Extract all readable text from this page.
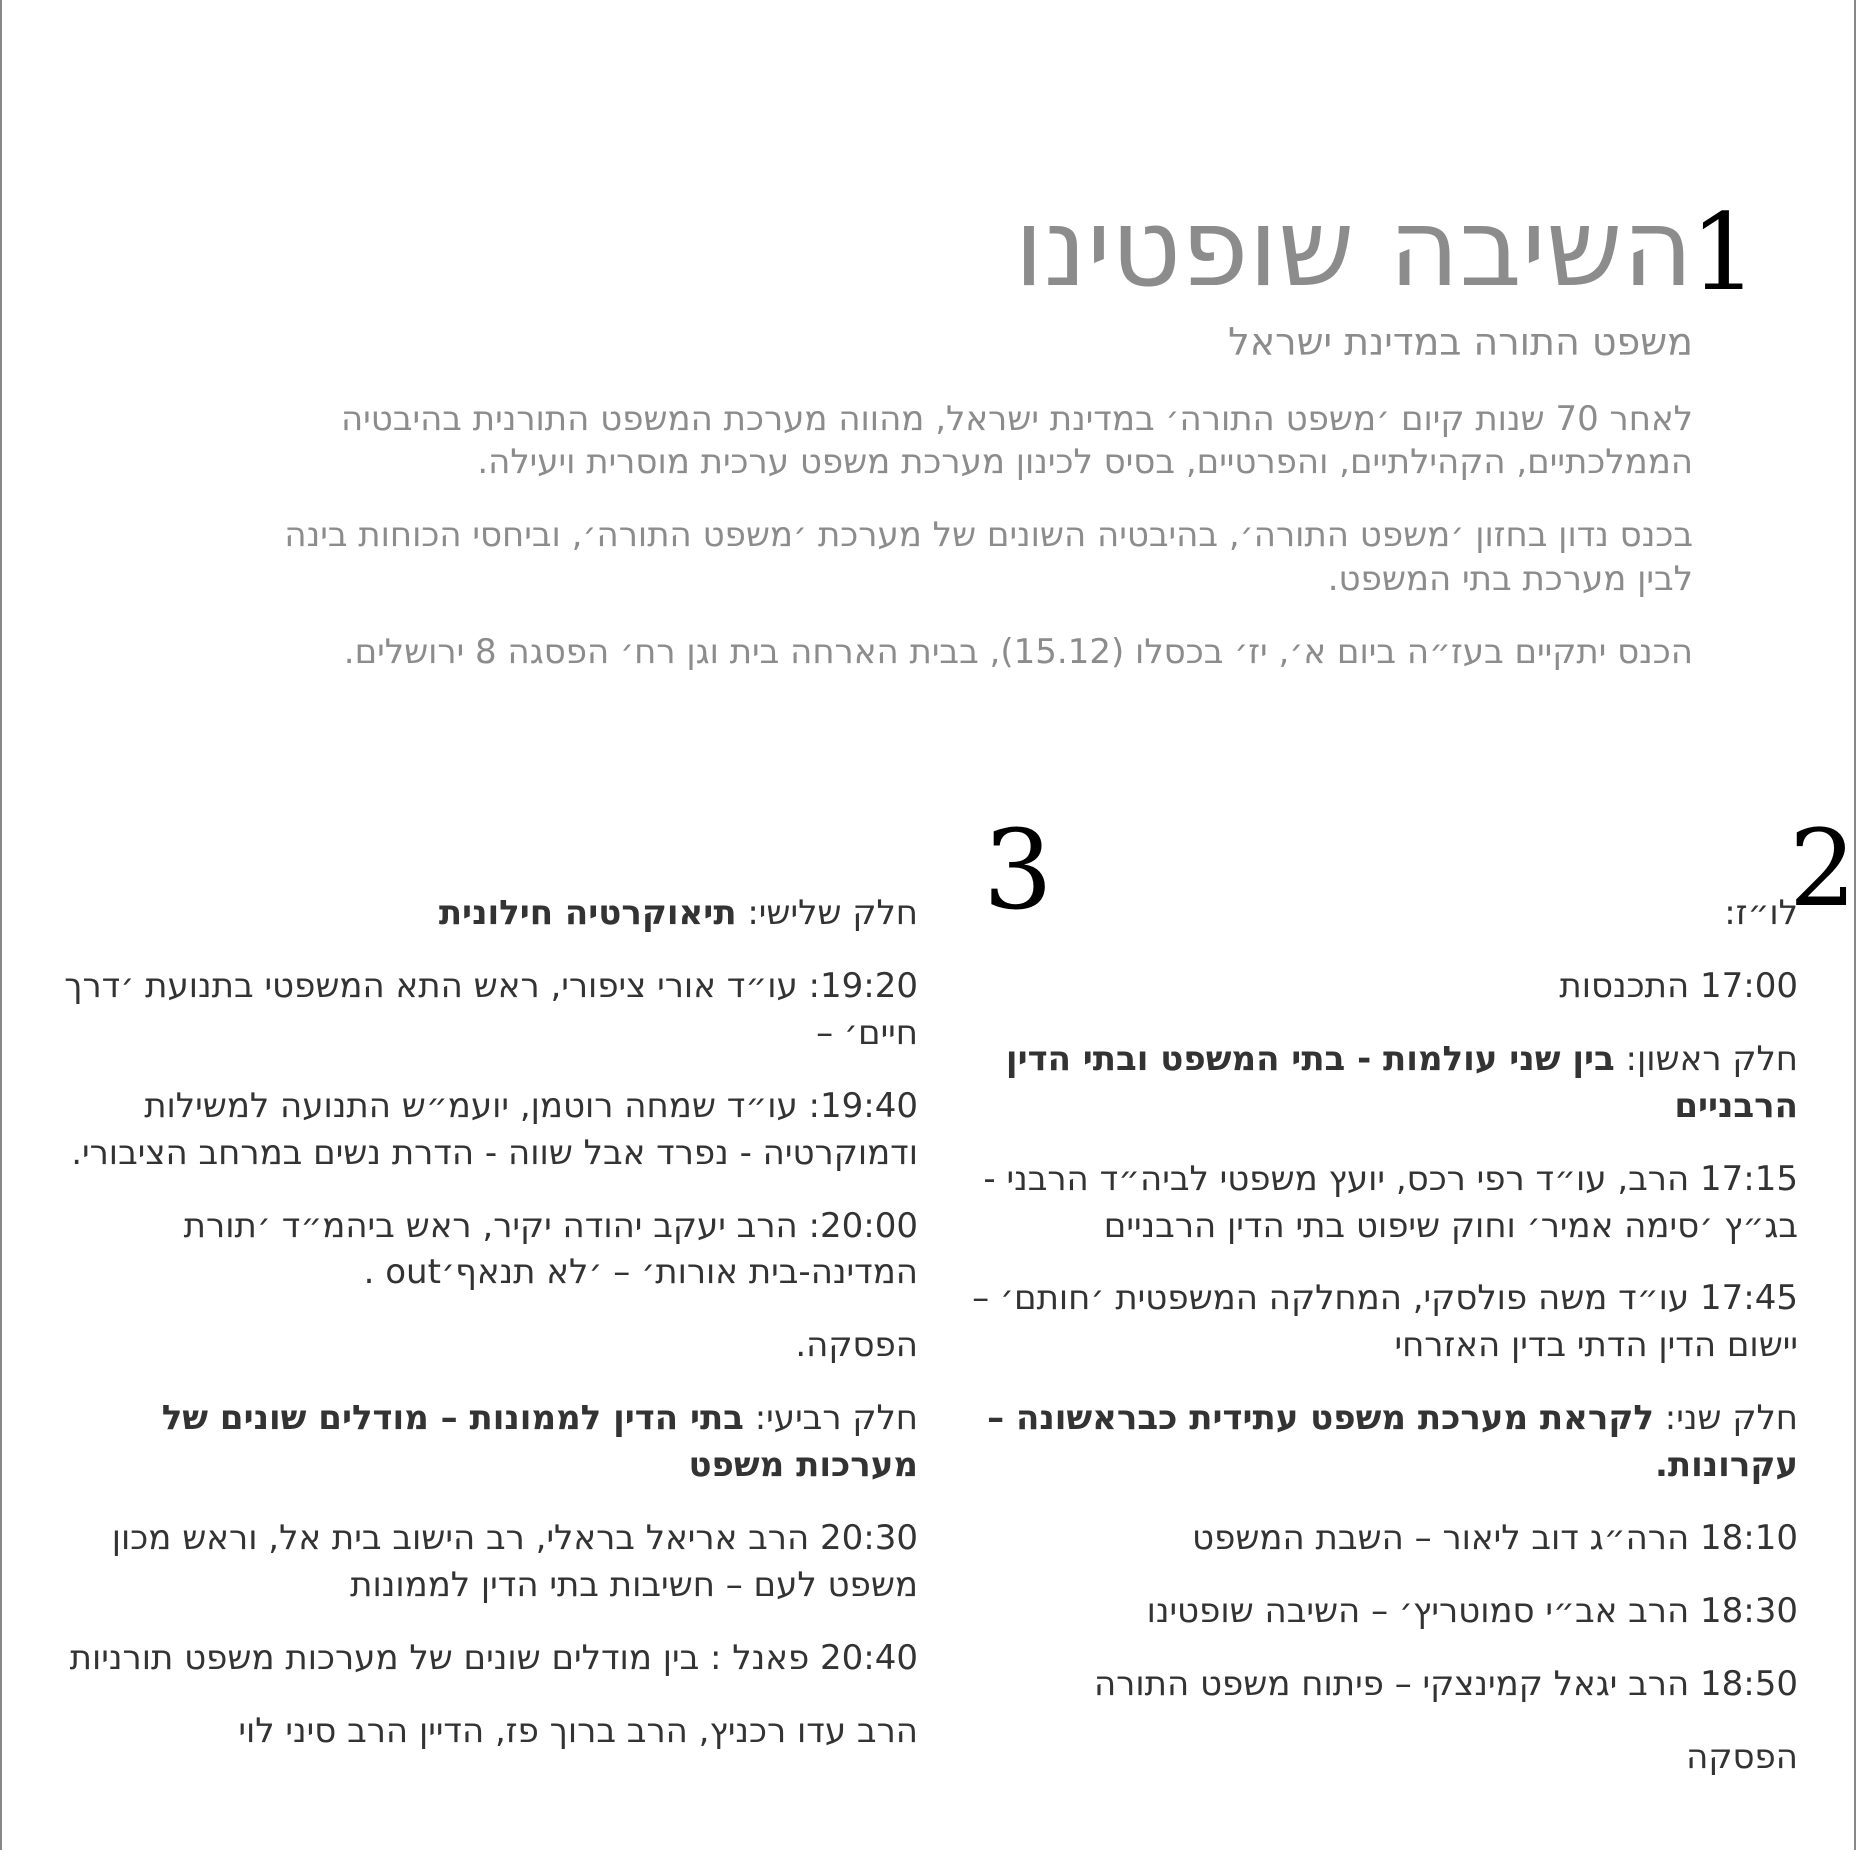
1
השיבה שופטינו
משפט התורה במדינת ישראל

לאחר 70 שנות קיום ׳משפט התורה׳ במדינת ישראל, מהווה מערכת המשפט התורנית בהיבטיה הממלכתיים, הקהילתיים, והפרטיים, בסיס לכינון מערכת משפט ערכית מוסרית ויעילה.

בכנס נדון בחזון ׳משפט התורה׳, בהיבטיה השונים של מערכת ׳משפט התורה׳, וביחסי הכוחות בינה לבין מערכת בתי המשפט.

הכנס יתקיים בעז״ה ביום א׳, יז׳ בכסלו (15.12), בבית הארחה בית וגן רח׳ הפסגה 8 ירושלים.

2
3	לו״ז:

17:00 התכנסות

חלק ראשון: בין שני עולמות - בתי המשפט ובתי הדין הרבניים

17:15 הרב, עו״ד רפי רכס, יועץ משפטי לביה״ד הרבני - בג״ץ ׳סימה אמיר׳ וחוק שיפוט בתי הדין הרבניים

17:45 עו״ד משה פולסקי, המחלקה המשפטית ׳חותם׳ – יישום הדין הדתי בדין האזרחי

חלק שני: לקראת מערכת משפט עתידית כבראשונה – עקרונות.

18:10 הרה״ג דוב ליאור – השבת המשפט

18:30 הרב אב״י סמוטריץ׳ – השיבה שופטינו

18:50 הרב יגאל קמינצקי – פיתוח משפט התורה

הפסקה

חלק שלישי: תיאוקרטיה חילונית

19:20: עו״ד אורי ציפורי, ראש התא המשפטי בתנועת ׳דרך חיים׳ –

19:40: עו״ד שמחה רוטמן, יועמ״ש התנועה למשילות ודמוקרטיה - נפרד אבל שווה - הדרת נשים במרחב הציבורי.

20:00: הרב יעקב יהודה יקיר, ראש ביהמ״ד ׳תורת המדינה-בית אורות׳ – ׳לא תנאף׳out .

הפסקה.

חלק רביעי: בתי הדין לממונות – מודלים שונים של מערכות משפט

20:30 הרב אריאל בראלי, רב הישוב בית אל, וראש מכון משפט לעם – חשיבות בתי הדין לממונות

20:40 פאנל : בין מודלים שונים של מערכות משפט תורניות

הרב עדו רכניץ, הרב ברוך פז, הדיין הרב סיני לוי
